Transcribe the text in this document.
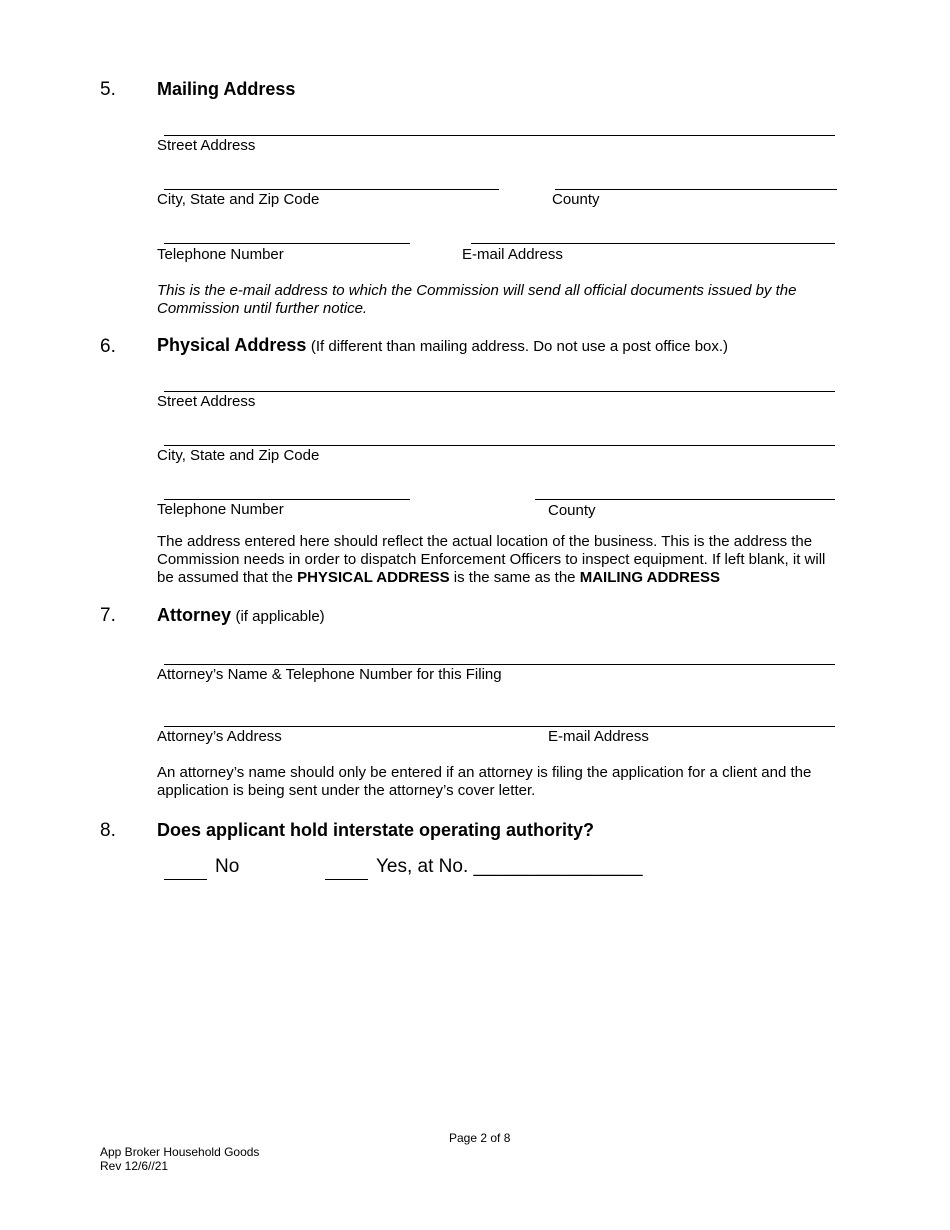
5. Mailing Address
Street Address
City, State and Zip Code	County
Telephone Number	E-mail Address
This is the e-mail address to which the Commission will send all official documents issued by the Commission until further notice.
6. Physical Address (If different than mailing address. Do not use a post office box.)
Street Address
City, State and Zip Code
Telephone Number	County
The address entered here should reflect the actual location of the business. This is the address the Commission needs in order to dispatch Enforcement Officers to inspect equipment. If left blank, it will be assumed that the PHYSICAL ADDRESS is the same as the MAILING ADDRESS
7. Attorney (if applicable)
Attorney’s Name & Telephone Number for this Filing
Attorney’s Address	E-mail Address
An attorney’s name should only be entered if an attorney is filing the application for a client and the application is being sent under the attorney’s cover letter.
8. Does applicant hold interstate operating authority?
No	Yes, at No. ________________
Page 2 of 8
App Broker Household Goods
Rev 12/6//21
